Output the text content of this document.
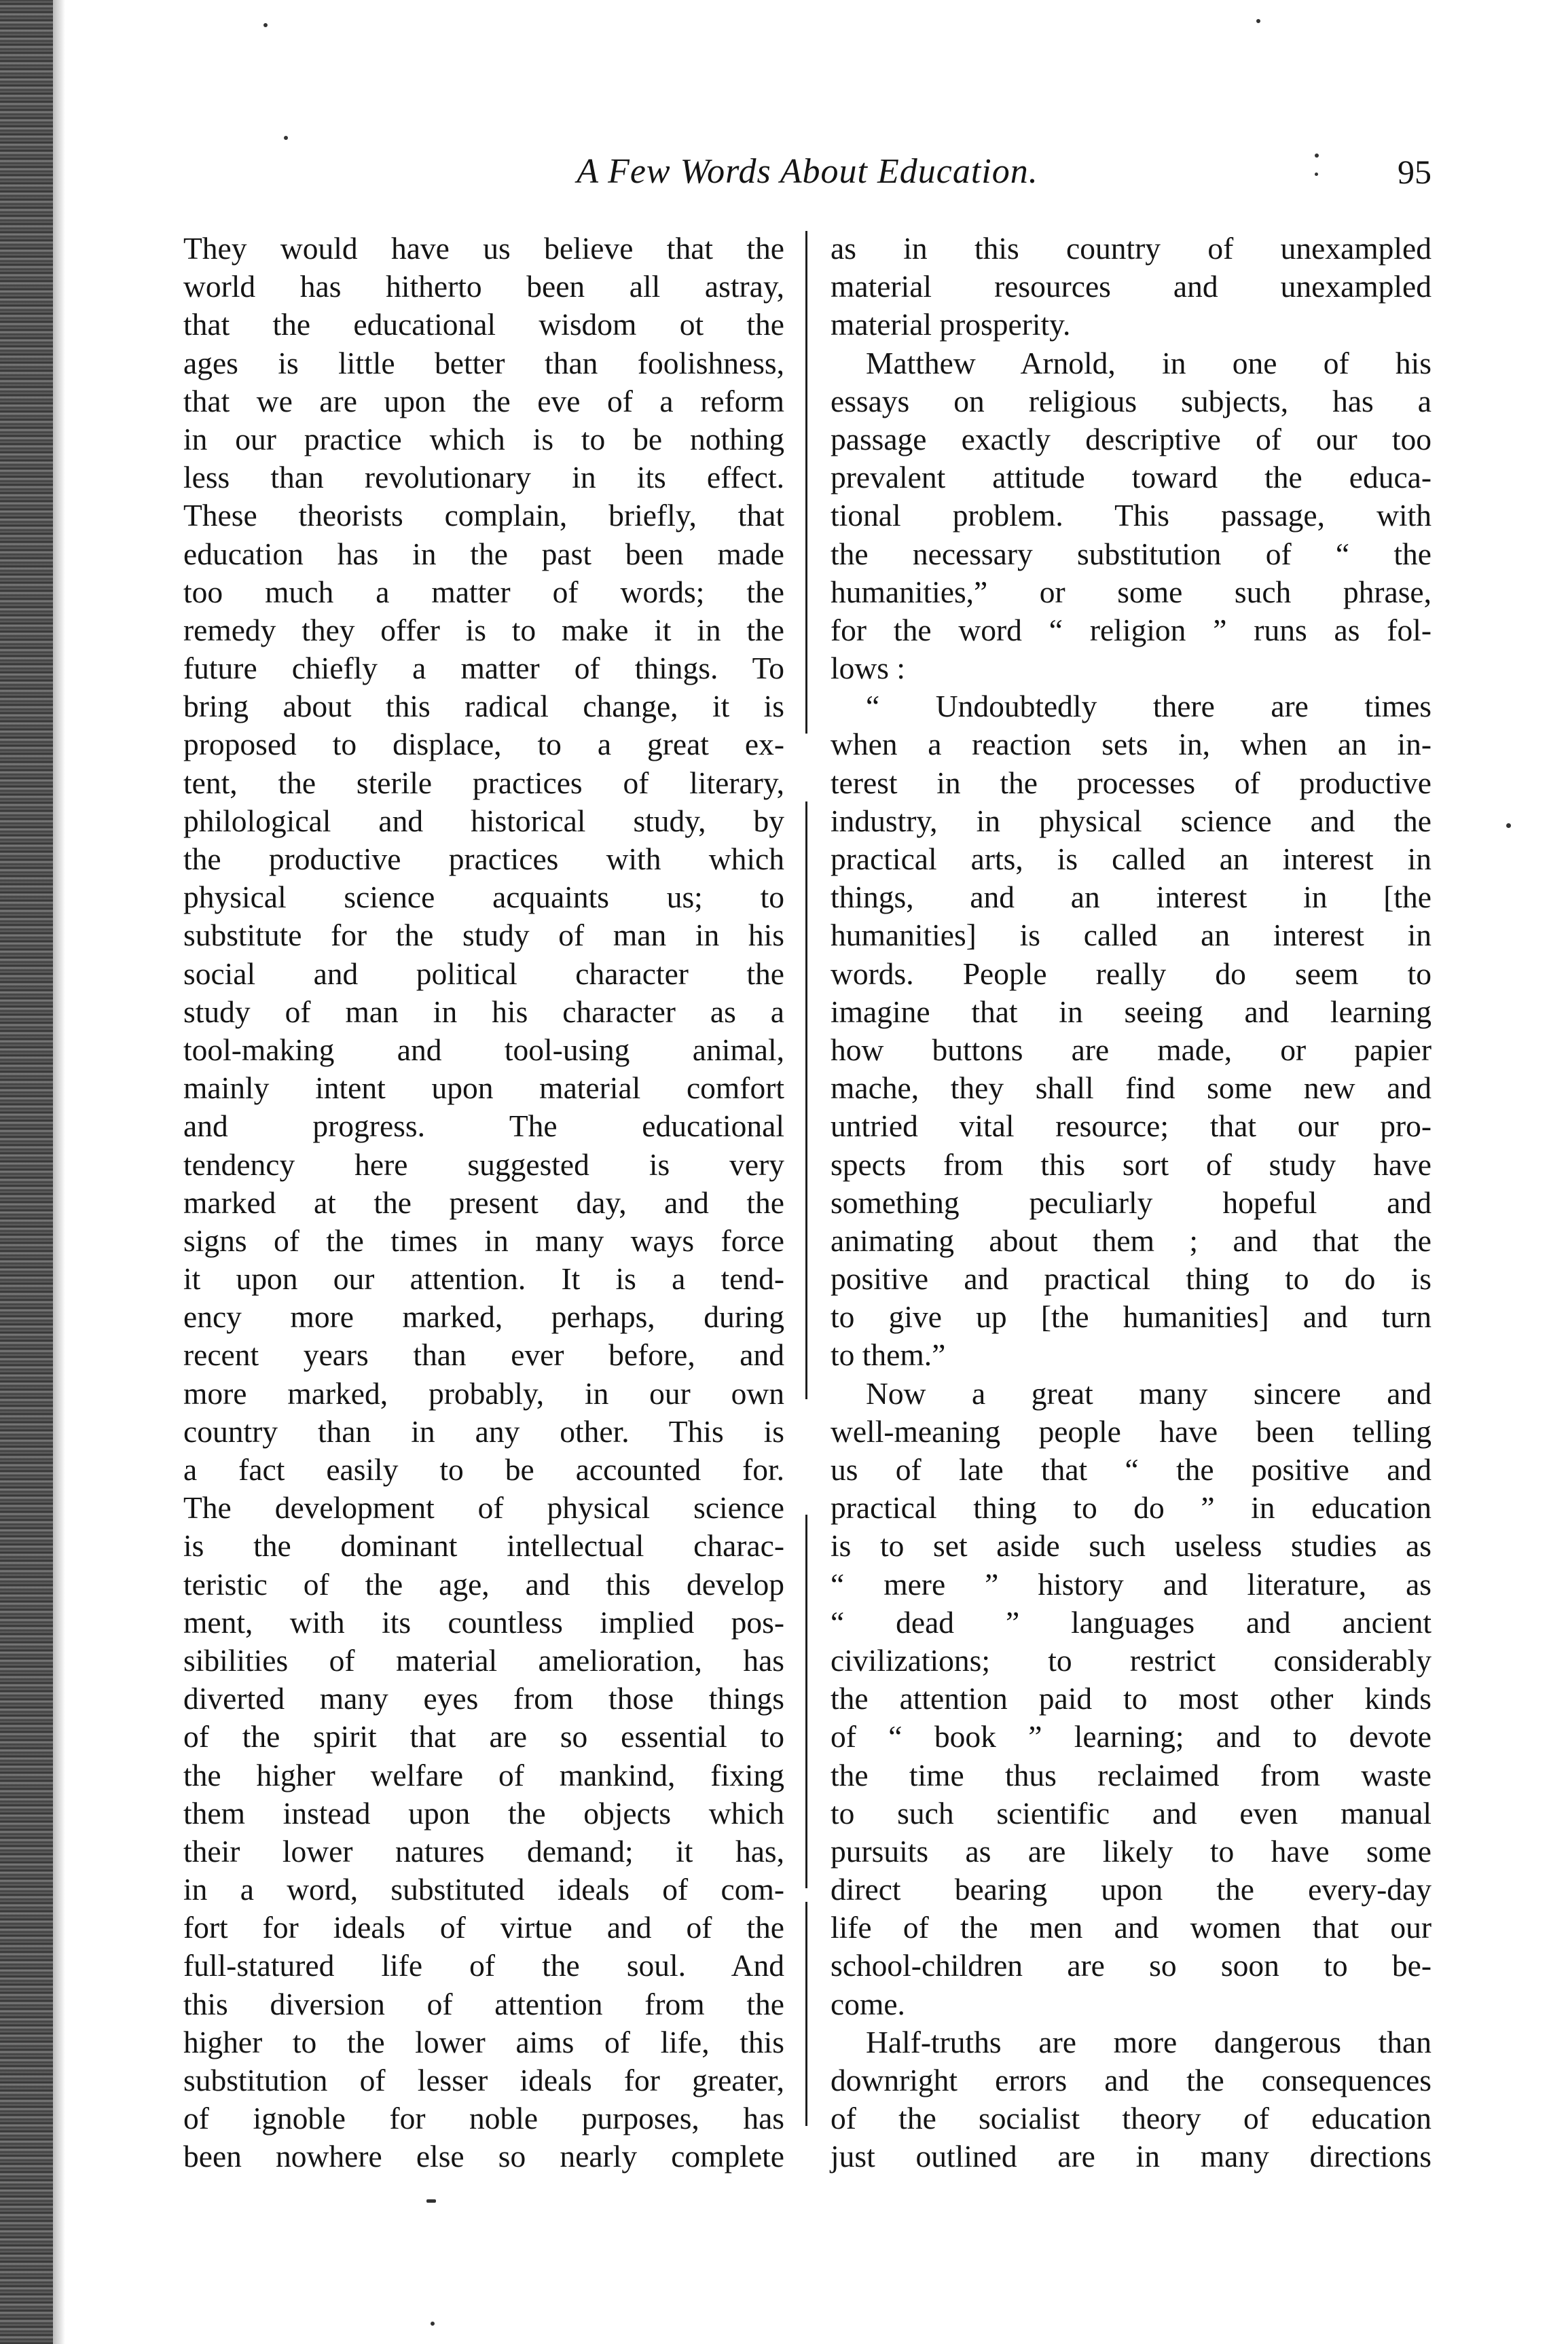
A Few Words About Education.	95
They would have us believe that the
world has hitherto been all astray,
that the educational wisdom ot the
ages is little better than foolishness,
that we are upon the eve of a reform
in our practice which is to be nothing
less than revolutionary in its effect.
These theorists complain, briefly, that
education has in the past been made
too much a matter of words; the
remedy they offer is to make it in the
future chiefly a matter of things. To
bring about this radical change, it is
proposed to displace, to a great ex-
tent, the sterile practices of literary,
philological and historical study, by
the productive practices with which
physical science acquaints us; to
substitute for the study of man in his
social and political character the
study of man in his character as a
tool-making and tool-using animal,
mainly intent upon material comfort
and progress. The educational
tendency here suggested is very
marked at the present day, and the
signs of the times in many ways force
it upon our attention. It is a tend-
ency more marked, perhaps, during
recent years than ever before, and
more marked, probably, in our own
country than in any other. This is
a fact easily to be accounted for.
The development of physical science
is the dominant intellectual charac-
teristic of the age, and this develop
ment, with its countless implied pos-
sibilities of material amelioration, has
diverted many eyes from those things
of the spirit that are so essential to
the higher welfare of mankind, fixing
them instead upon the objects which
their lower natures demand; it has,
in a word, substituted ideals of com-
fort for ideals of virtue and of the
full-statured life of the soul. And
this diversion of attention from the
higher to the lower aims of life, this
substitution of lesser ideals for greater,
of ignoble for noble purposes, has
been nowhere else so nearly complete
as in this country of unexampled
material resources and unexampled
material prosperity.
Matthew Arnold, in one of his
essays on religious subjects, has a
passage exactly descriptive of our too
prevalent attitude toward the educa-
tional problem. This passage, with
the necessary substitution of “ the
humanities,” or some such phrase,
for the word “ religion ” runs as fol-
lows :
“ Undoubtedly there are times
when a reaction sets in, when an in-
terest in the processes of productive
industry, in physical science and the
practical arts, is called an interest in
things, and an interest in [the
humanities] is called an interest in
words. People really do seem to
imagine that in seeing and learning
how buttons are made, or papier
mache, they shall find some new and
untried vital resource; that our pro-
spects from this sort of study have
something peculiarly hopeful and
animating about them ; and that the
positive and practical thing to do is
to give up [the humanities] and turn
to them.”
Now a great many sincere and
well-meaning people have been telling
us of late that “ the positive and
practical thing to do ” in education
is to set aside such useless studies as
“ mere ” history and literature, as
“ dead ” languages and ancient
civilizations; to restrict considerably
the attention paid to most other kinds
of “ book ” learning; and to devote
the time thus reclaimed from waste
to such scientific and even manual
pursuits as are likely to have some
direct bearing upon the every-day
life of the men and women that our
school-children are so soon to be-
come.
Half-truths are more dangerous than
downright errors and the consequences
of the socialist theory of education
just outlined are in many directions
